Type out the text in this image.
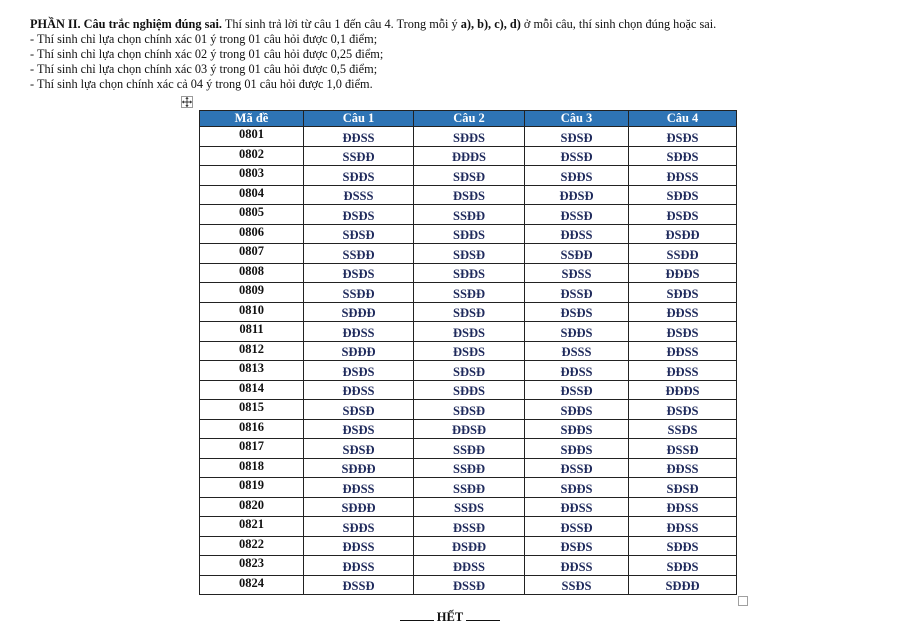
PHẦN II. Câu trắc nghiệm đúng sai. Thí sinh trả lời từ câu 1 đến câu 4. Trong mỗi ý a), b), c), d) ở mỗi câu, thí sinh chọn đúng hoặc sai.

- Thí sinh chỉ lựa chọn chính xác 01 ý trong 01 câu hỏi được 0,1 điểm;

- Thí sinh chỉ lựa chọn chính xác 02 ý trong 01 câu hỏi được 0,25 điểm;

- Thí sinh chỉ lựa chọn chính xác 03 ý trong 01 câu hỏi được 0,5 điểm;

- Thí sinh lựa chọn chính xác cả 04 ý trong 01 câu hỏi được 1,0 điểm.

Mã đề	Câu 1	Câu 2	Câu 3	Câu 4
0801	ĐĐSS	SĐĐS	SĐSĐ	ĐSĐS
0802	SSĐĐ	ĐĐĐS	ĐSSĐ	SĐĐS
0803	SĐĐS	SĐSĐ	SĐĐS	ĐĐSS
0804	ĐSSS	ĐSĐS	ĐĐSĐ	SĐĐS
0805	ĐSĐS	SSĐĐ	ĐSSĐ	ĐSĐS
0806	SĐSĐ	SĐĐS	ĐĐSS	ĐSĐĐ
0807	SSĐĐ	SĐSĐ	SSĐĐ	SSĐĐ
0808	ĐSĐS	SĐĐS	SĐSS	ĐĐĐS
0809	SSĐĐ	SSĐĐ	ĐSSĐ	SĐĐS
0810	SĐĐĐ	SĐSĐ	ĐSĐS	ĐĐSS
0811	ĐĐSS	ĐSĐS	SĐĐS	ĐSĐS
0812	SĐĐĐ	ĐSĐS	ĐSSS	ĐĐSS
0813	ĐSĐS	SĐSĐ	ĐĐSS	ĐĐSS
0814	ĐĐSS	SĐĐS	ĐSSĐ	ĐĐĐS
0815	SĐSĐ	SĐSĐ	SĐĐS	ĐSĐS
0816	ĐSĐS	ĐĐSĐ	SĐĐS	SSĐS
0817	SĐSĐ	SSĐĐ	SĐĐS	ĐSSĐ
0818	SĐĐĐ	SSĐĐ	ĐSSĐ	ĐĐSS
0819	ĐĐSS	SSĐĐ	SĐĐS	SĐSĐ
0820	SĐĐĐ	SSĐS	ĐĐSS	ĐĐSS
0821	SĐĐS	ĐSSĐ	ĐSSĐ	ĐĐSS
0822	ĐĐSS	ĐSĐĐ	ĐSĐS	SĐĐS
0823	ĐĐSS	ĐĐSS	ĐĐSS	SĐĐS
0824	ĐSSĐ	ĐSSĐ	SSĐS	SĐĐĐ
HẾT
